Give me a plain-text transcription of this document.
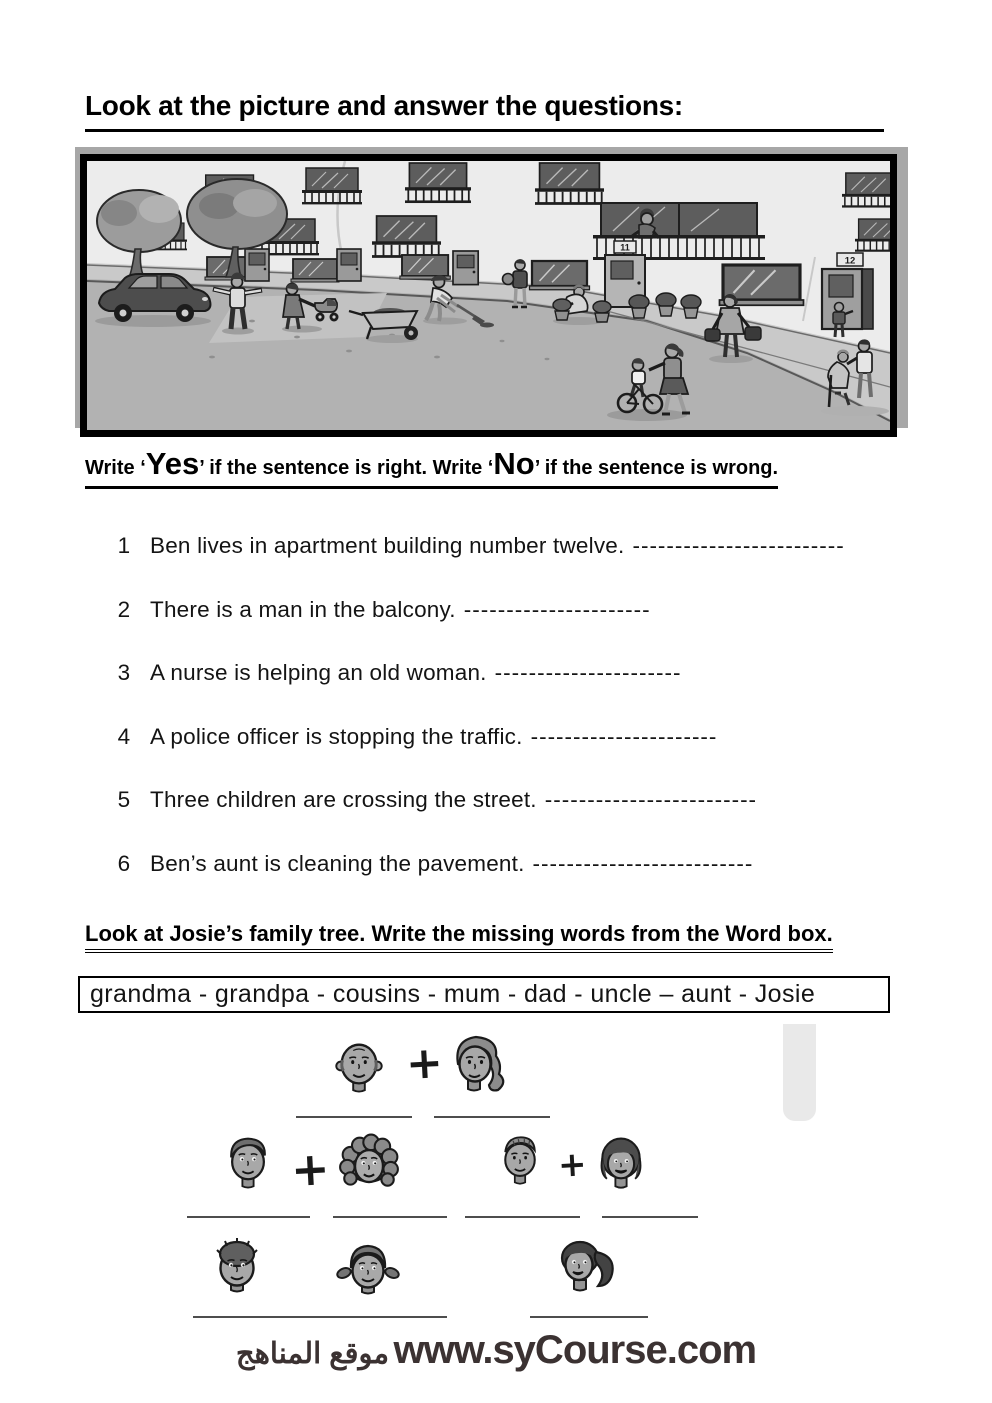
Look at the picture and answer the questions:
11
12
Write ‘Yes’ if the sentence is right. Write ‘No’ if the sentence is wrong.
1 Ben lives in apartment building number twelve. -------------------------
2 There is a man in the balcony. ----------------------
3 A nurse is helping an old woman. ----------------------
4 A police officer is stopping the traffic. ----------------------
5 Three children are crossing the street. -------------------------
6 Ben’s aunt is cleaning the pavement. --------------------------
Look at Josie’s family tree. Write the missing words from the Word box.
grandma - grandpa - cousins - mum - dad - uncle – aunt - Josie
+
+	+
موقع المناهج www.syCourse.com
